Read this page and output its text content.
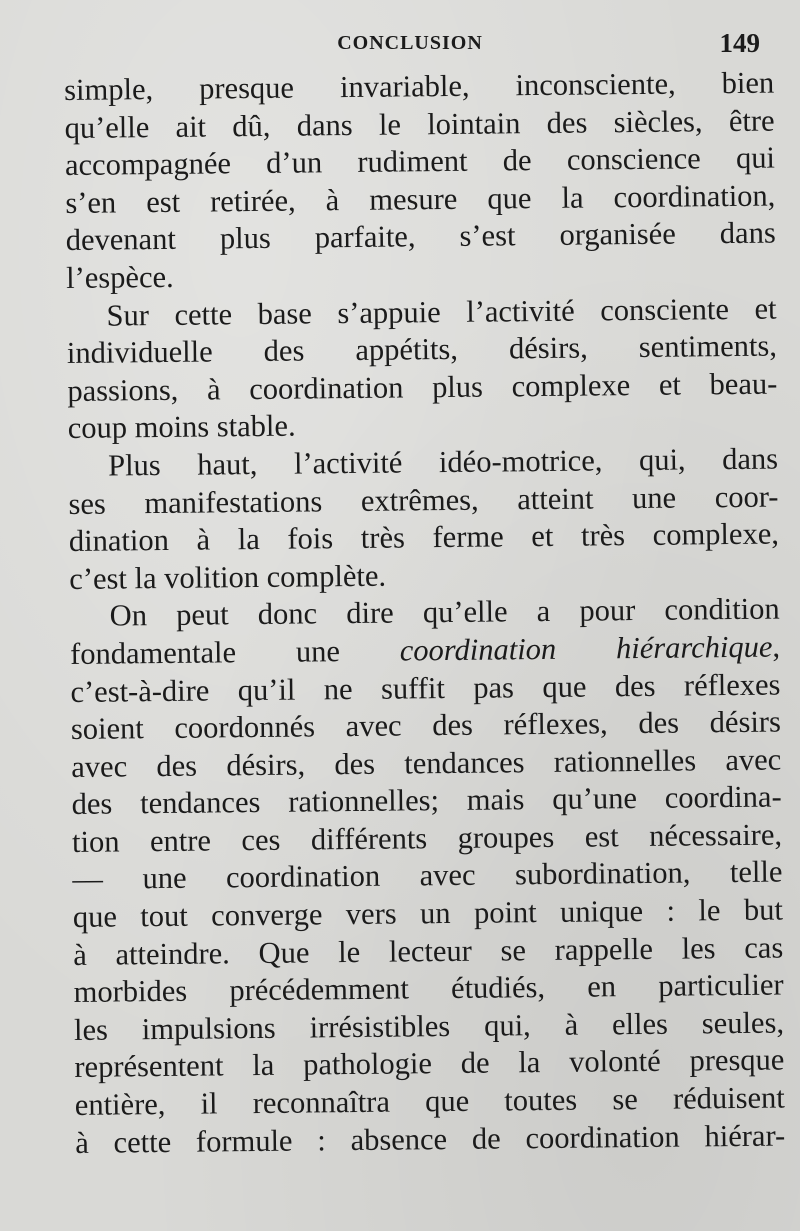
CONCLUSION	149
simple, presque invariable, inconsciente, bien
qu’elle ait dû, dans le lointain des siècles, être
accompagnée d’un rudiment de conscience qui
s’en est retirée, à mesure que la coordination,
devenant plus parfaite, s’est organisée dans
l’espèce.
Sur cette base s’appuie l’activité consciente et
individuelle des appétits, désirs, sentiments,
passions, à coordination plus complexe et beau-
coup moins stable.
Plus haut, l’activité idéo-motrice, qui, dans
ses manifestations extrêmes, atteint une coor-
dination à la fois très ferme et très complexe,
c’est la volition complète.
On peut donc dire qu’elle a pour condition
fondamentale une coordination hiérarchique,
c’est-à-dire qu’il ne suffit pas que des réflexes
soient coordonnés avec des réflexes, des désirs
avec des désirs, des tendances rationnelles avec
des tendances rationnelles; mais qu’une coordina-
tion entre ces différents groupes est nécessaire,
— une coordination avec subordination, telle
que tout converge vers un point unique : le but
à atteindre. Que le lecteur se rappelle les cas
morbides précédemment étudiés, en particulier
les impulsions irrésistibles qui, à elles seules,
représentent la pathologie de la volonté presque
entière, il reconnaîtra que toutes se réduisent
à cette formule : absence de coordination hiérar-
